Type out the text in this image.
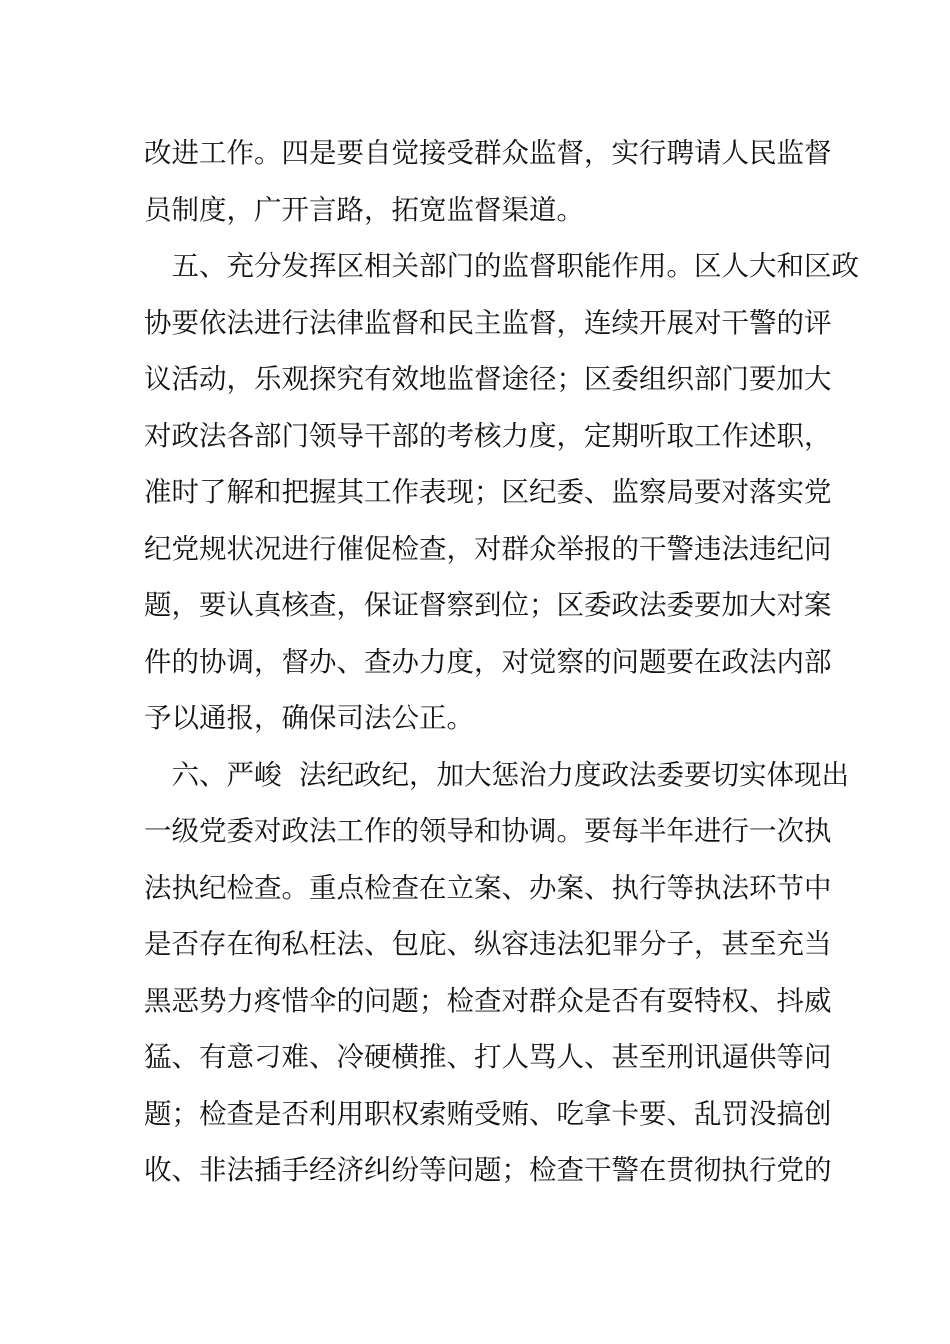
改进工作。四是要自觉接受群众监督，实行聘请人民监督
员制度，广开言路，拓宽监督渠道。
五、充分发挥区相关部门的监督职能作用。区人大和区政
协要依法进行法律监督和民主监督，连续开展对干警的评
议活动，乐观探究有效地监督途径；区委组织部门要加大
对政法各部门领导干部的考核力度，定期听取工作述职，
准时了解和把握其工作表现；区纪委、监察局要对落实党
纪党规状况进行催促检查，对群众举报的干警违法违纪问
题，要认真核查，保证督察到位；区委政法委要加大对案
件的协调，督办、查办力度，对觉察的问题要在政法内部
予以通报，确保司法公正。
六、严峻  法纪政纪，加大惩治力度政法委要切实体现出
一级党委对政法工作的领导和协调。要每半年进行一次执
法执纪检查。重点检查在立案、办案、执行等执法环节中
是否存在徇私枉法、包庇、纵容违法犯罪分子，甚至充当
黑恶势力疼惜伞的问题；检查对群众是否有耍特权、抖威
猛、有意刁难、冷硬横推、打人骂人、甚至刑讯逼供等问
题；检查是否利用职权索贿受贿、吃拿卡要、乱罚没搞创
收、非法插手经济纠纷等问题；检查干警在贯彻执行党的
